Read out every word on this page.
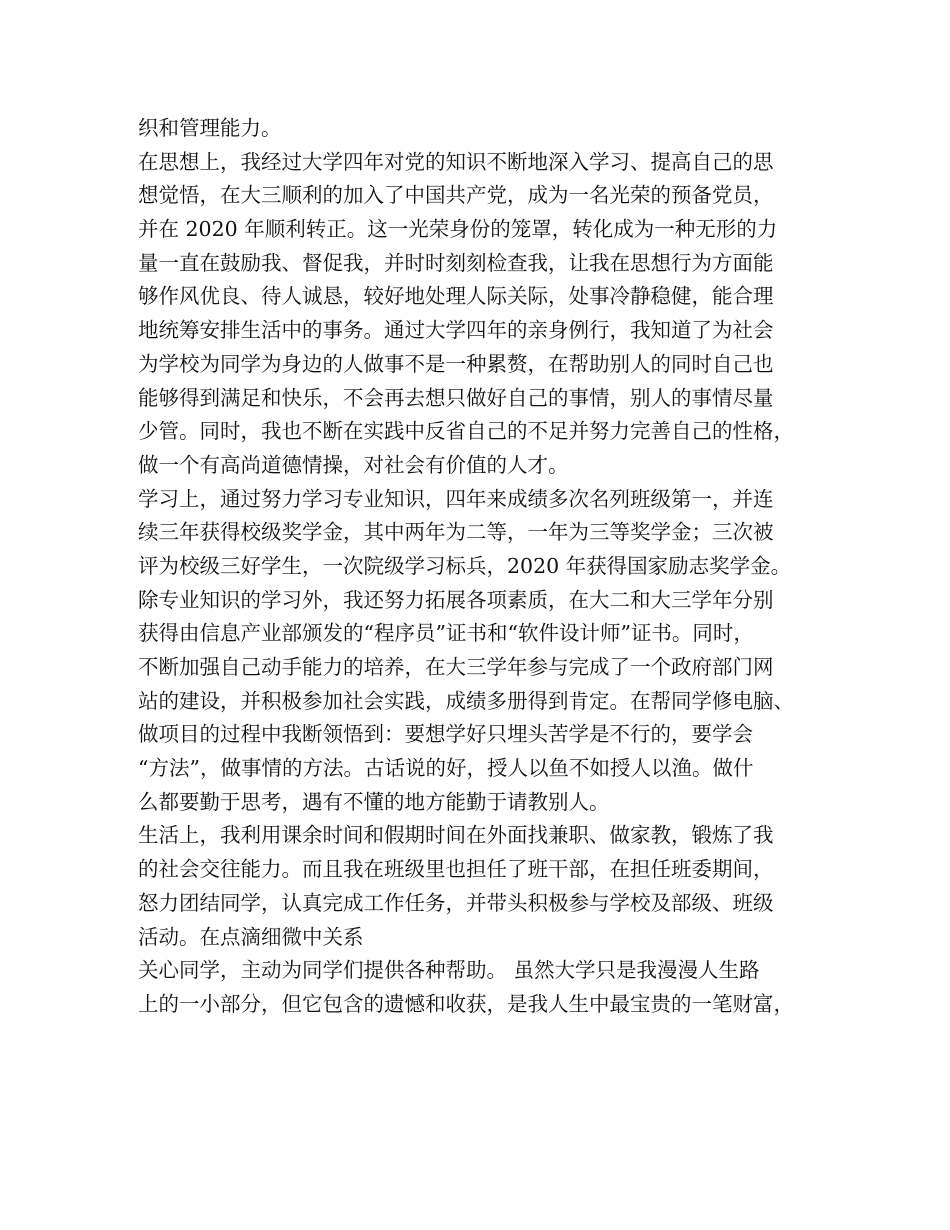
织和管理能力。
在思想上，我经过大学四年对党的知识不断地深入学习、提高自己的思
想觉悟，在大三顺利的加入了中国共产党，成为一名光荣的预备党员，
并在 2020 年顺利转正。这一光荣身份的笼罩，转化成为一种无形的力
量一直在鼓励我、督促我，并时时刻刻检查我，让我在思想行为方面能
够作风优良、待人诚恳，较好地处理人际关际，处事冷静稳健，能合理
地统筹安排生活中的事务。通过大学四年的亲身例行，我知道了为社会
为学校为同学为身边的人做事不是一种累赘，在帮助别人的同时自己也
能够得到满足和快乐，不会再去想只做好自己的事情，别人的事情尽量
少管。同时，我也不断在实践中反省自己的不足并努力完善自己的性格，
做一个有高尚道德情操，对社会有价值的人才。
学习上，通过努力学习专业知识，四年来成绩多次名列班级第一，并连
续三年获得校级奖学金，其中两年为二等，一年为三等奖学金；三次被
评为校级三好学生，一次院级学习标兵，2020 年获得国家励志奖学金。
除专业知识的学习外，我还努力拓展各项素质，在大二和大三学年分别
获得由信息产业部颁发的“程序员”证书和“软件设计师”证书。同时，
不断加强自己动手能力的培养，在大三学年参与完成了一个政府部门网
站的建设，并积极参加社会实践，成绩多册得到肯定。在帮同学修电脑、
做项目的过程中我断领悟到：要想学好只埋头苦学是不行的，要学会
“方法”，做事情的方法。古话说的好，授人以鱼不如授人以渔。做什
么都要勤于思考，遇有不懂的地方能勤于请教别人。
生活上，我利用课余时间和假期时间在外面找兼职、做家教，锻炼了我
的社会交往能力。而且我在班级里也担任了班干部，在担任班委期间，
怒力团结同学，认真完成工作任务，并带头积极参与学校及部级、班级
活动。在点滴细微中关系
关心同学，主动为同学们提供各种帮助。 虽然大学只是我漫漫人生路
上的一小部分，但它包含的遗憾和收获，是我人生中最宝贵的一笔财富，
